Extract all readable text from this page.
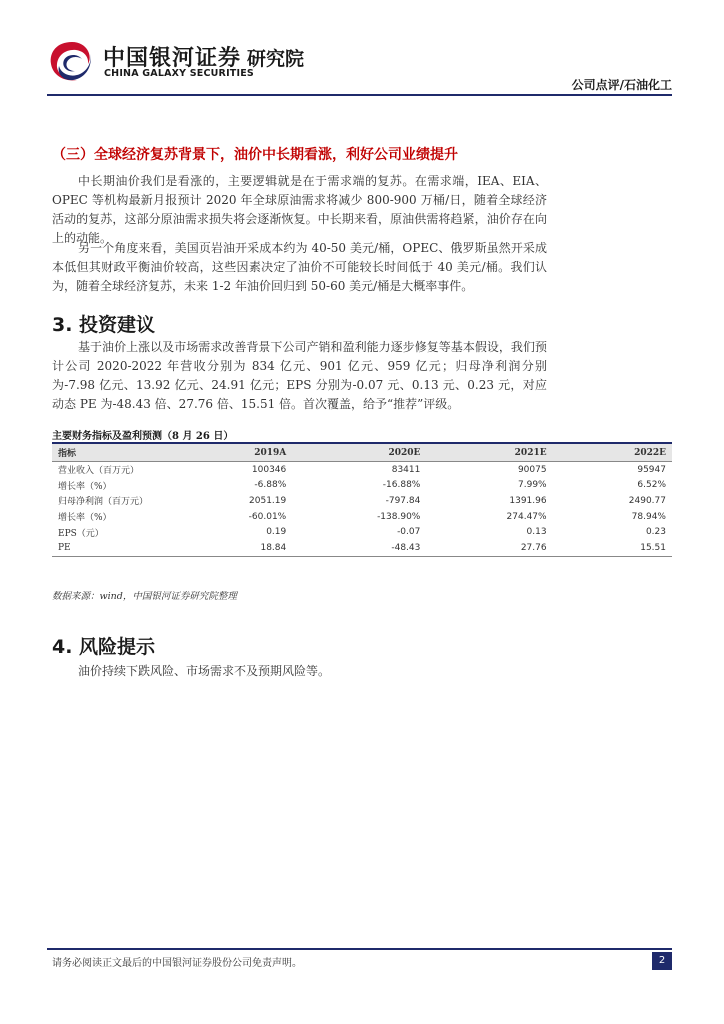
中国银河证券 研究院
CHINA GALAXY SECURITIES
公司点评/石油化工
（三）全球经济复苏背景下，油价中长期看涨，利好公司业绩提升

中长期油价我们是看涨的，主要逻辑就是在于需求端的复苏。在需求端，IEA、EIA、OPEC 等机构最新月报预计 2020 年全球原油需求将减少 800-900 万桶/日，随着全球经济活动的复苏，这部分原油需求损失将会逐渐恢复。中长期来看，原油供需将趋紧，油价存在向上的动能。

另一个角度来看，美国页岩油开采成本约为 40-50 美元/桶，OPEC、俄罗斯虽然开采成本低但其财政平衡油价较高，这些因素决定了油价不可能较长时间低于 40 美元/桶。我们认为，随着全球经济复苏，未来 1-2 年油价回归到 50-60 美元/桶是大概率事件。

3. 投资建议

基于油价上涨以及市场需求改善背景下公司产销和盈利能力逐步修复等基本假设，我们预计公司 2020-2022 年营收分别为 834 亿元、901 亿元、959 亿元；归母净利润分别为-7.98 亿元、13.92 亿元、24.91 亿元；EPS 分别为-0.07 元、0.13 元、0.23 元，对应动态 PE 为-48.43 倍、27.76 倍、15.51 倍。首次覆盖，给予“推荐”评级。

主要财务指标及盈利预测（8 月 26 日）
指标	2019A	2020E	2021E	2022E
营业收入（百万元）	100346	83411	90075	95947
增长率（%）	-6.88%	-16.88%	7.99%	6.52%
归母净利润（百万元）	2051.19	-797.84	1391.96	2490.77
增长率（%）	-60.01%	-138.90%	274.47%	78.94%
EPS（元）	0.19	-0.07	0.13	0.23
PE	18.84	-48.43	27.76	15.51
数据来源：wind，中国银河证券研究院整理
4. 风险提示

油价持续下跌风险、市场需求不及预期风险等。

请务必阅读正文最后的中国银河证券股份公司免责声明。	2
